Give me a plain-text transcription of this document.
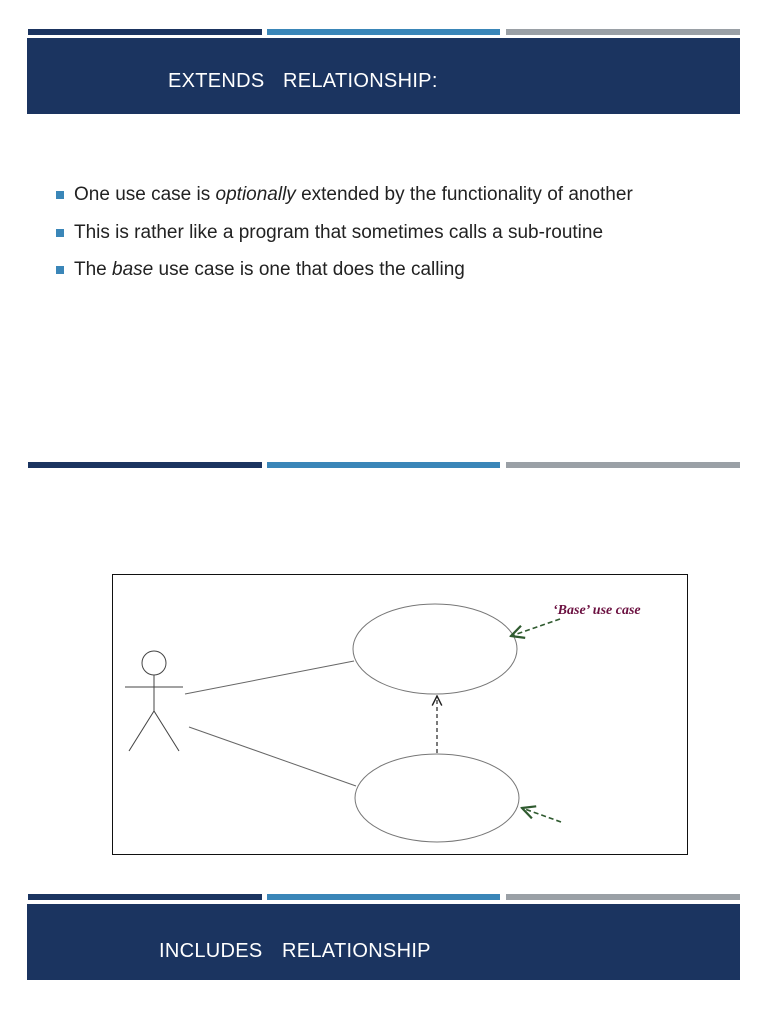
EXTENDS RELATIONSHIP:
One use case is optionally extended by the functionality of another
This is rather like a program that sometimes calls a sub-routine
The base use case is one that does the calling
‘Base’ use case
INCLUDES RELATIONSHIP
